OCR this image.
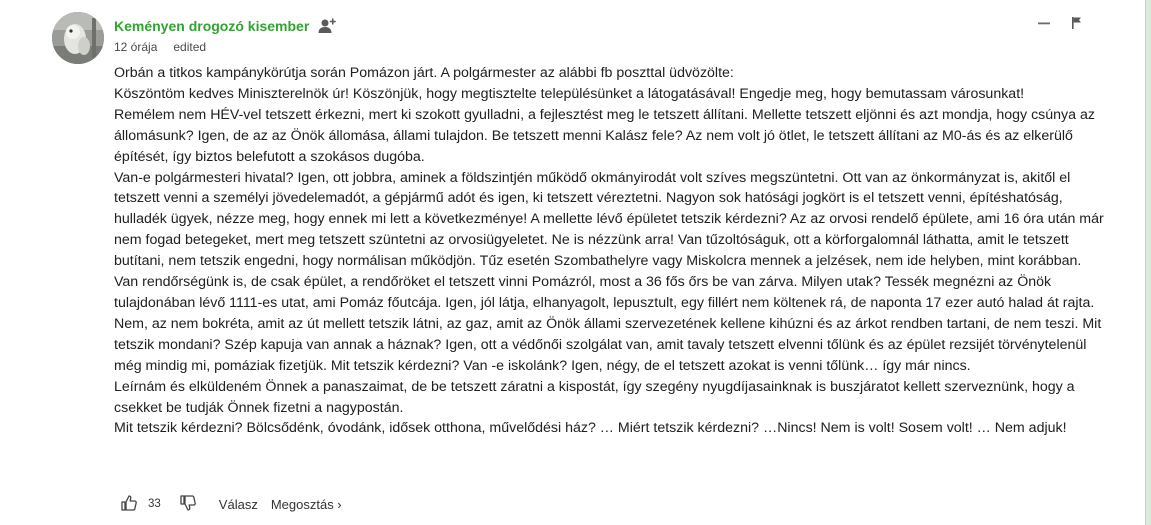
Keményen drogozó kisember
12 órája edited

Orbán a titkos kampánykörútja során Pomázon járt. A polgármester az alábbi fb poszttal üdvözölte:

Köszöntöm kedves Miniszterelnök úr! Köszönjük, hogy megtisztelte településünket a látogatásával! Engedje meg, hogy bemutassam városunkat!

Remélem nem HÉV-vel tetszett érkezni, mert ki szokott gyulladni, a fejlesztést meg le tetszett állítani. Mellette tetszett eljönni és azt mondja, hogy csúnya az állomásunk? Igen, de az az Önök állomása, állami tulajdon. Be tetszett menni Kalász fele? Az nem volt jó ötlet, le tetszett állítani az M0-ás és az elkerülő építését, így biztos belefutott a szokásos dugóba.

Van-e polgármesteri hivatal? Igen, ott jobbra, aminek a földszintjén működő okmányirodát volt szíves megszüntetni. Ott van az önkormányzat is, akitől el tetszett venni a személyi jövedelemadót, a gépjármű adót és igen, ki tetszett véreztetni. Nagyon sok hatósági jogkört is el tetszett venni, építéshatóság, hulladék ügyek, nézze meg, hogy ennek mi lett a következménye! A mellette lévő épületet tetszik kérdezni? Az az orvosi rendelő épülete, ami 16 óra után már nem fogad betegeket, mert meg tetszett szüntetni az orvosiügyeletet. Ne is nézzünk arra! Van tűzoltóságuk, ott a körforgalomnál láthatta, amit le tetszett butítani, nem tetszik engedni, hogy normálisan működjön. Tűz esetén Szombathelyre vagy Miskolcra mennek a jelzések, nem ide helyben, mint korábban. Van rendőrségünk is, de csak épület, a rendőröket el tetszett vinni Pomázról, most a 36 fős őrs be van zárva. Milyen utak? Tessék megnézni az Önök tulajdonában lévő 1111-es utat, ami Pomáz főutcája. Igen, jól látja, elhanyagolt, lepusztult, egy fillért nem költenek rá, de naponta 17 ezer autó halad át rajta. Nem, az nem bokréta, amit az út mellett tetszik látni, az gaz, amit az Önök állami szervezetének kellene kihúzni és az árkot rendben tartani, de nem teszi. Mit tetszik mondani? Szép kapuja van annak a háznak? Igen, ott a védőnői szolgálat van, amit tavaly tetszett elvenni tőlünk és az épület rezsijét törvénytelenül még mindig mi, pomáziak fizetjük. Mit tetszik kérdezni? Van -e iskolánk? Igen, négy, de el tetszett azokat is venni tőlünk… így már nincs.

Leírnám és elküldeném Önnek a panaszaimat, de be tetszett záratni a kispostát, így szegény nyugdíjasainknak is buszjáratot kellett szerveznünk, hogy a csekket be tudják Önnek fizetni a nagypostán.

Mit tetszik kérdezni? Bölcsődénk, óvodánk, idősek otthona, művelődési ház? … Miért tetszik kérdezni? …Nincs! Nem is volt! Sosem volt! … Nem adjuk!

33	Válasz Megosztás ›
